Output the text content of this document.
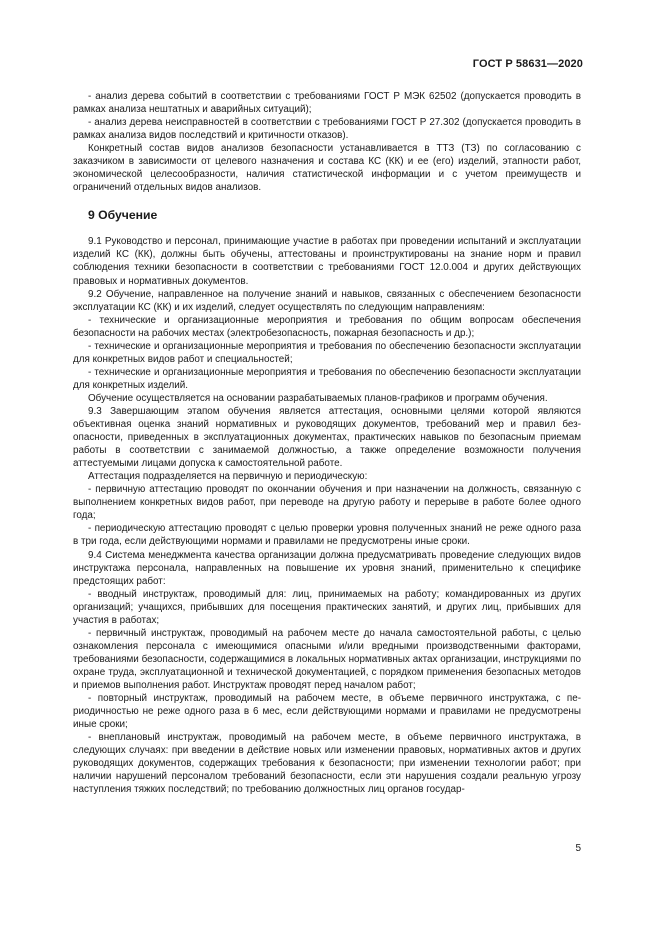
ГОСТ Р 58631—2020

- анализ дерева событий в соответствии с требованиями ГОСТ Р МЭК 62502 (допускается проводить в рамках анализа нештатных и аварийных ситуаций);

- анализ дерева неисправностей в соответствии с требованиями ГОСТ Р 27.302 (допускается проводить в рамках анализа видов последствий и критичности отказов).

Конкретный состав видов анализов безопасности устанавливается в ТТЗ (ТЗ) по согласованию с заказчиком в зависимости от целевого назначения и состава КС (КК) и ее (его) изделий, этапности работ, экономической целесообразности, наличия статистической информации и с учетом преимуществ и ограничений отдельных видов анализов.

9 Обучение

9.1 Руководство и персонал, принимающие участие в работах при проведении испытаний и эксплуатации изделий КС (КК), должны быть обучены, аттестованы и проинструктированы на знание норм и правил соблюдения техники безопасности в соответствии с требованиями ГОСТ 12.0.004 и других действующих правовых и нормативных документов.

9.2 Обучение, направленное на получение знаний и навыков, связанных с обеспечением безопасности эксплуатации КС (КК) и их изделий, следует осуществлять по следующим направлениям:

- технические и организационные мероприятия и требования по общим вопросам обеспечения безопасности на рабочих местах (электробезопасность, пожарная безопасность и др.);

- технические и организационные мероприятия и требования по обеспечению безопасности эксплуатации для конкретных видов работ и специальностей;

- технические и организационные мероприятия и требования по обеспечению безопасности эксплуатации для конкретных изделий.

Обучение осуществляется на основании разрабатываемых планов-графиков и программ обучения.

9.3 Завершающим этапом обучения является аттестация, основными целями которой являются объективная оценка знаний нормативных и руководящих документов, требований мер и правил безопасности, приведенных в эксплуатационных документах, практических навыков по безопасным приемам работы в соответствии с занимаемой должностью, а также определение возможности получения аттестуемыми лицами допуска к самостоятельной работе.

Аттестация подразделяется на первичную и периодическую:

- первичную аттестацию проводят по окончании обучения и при назначении на должность, связанную с выполнением конкретных видов работ, при переводе на другую работу и перерыве в работе более одного года;

- периодическую аттестацию проводят с целью проверки уровня полученных знаний не реже одного раза в три года, если действующими нормами и правилами не предусмотрены иные сроки.

9.4 Система менеджмента качества организации должна предусматривать проведение следующих видов инструктажа персонала, направленных на повышение их уровня знаний, применительно к специфике предстоящих работ:

- вводный инструктаж, проводимый для: лиц, принимаемых на работу; командированных из других организаций; учащихся, прибывших для посещения практических занятий, и других лиц, прибывших для участия в работах;

- первичный инструктаж, проводимый на рабочем месте до начала самостоятельной работы, с целью ознакомления персонала с имеющимися опасными и/или вредными производственными факторами, требованиями безопасности, содержащимися в локальных нормативных актах организации, инструкциями по охране труда, эксплуатационной и технической документацией, с порядком применения безопасных методов и приемов выполнения работ. Инструктаж проводят перед началом работ;

- повторный инструктаж, проводимый на рабочем месте, в объеме первичного инструктажа, с периодичностью не реже одного раза в 6 мес, если действующими нормами и правилами не предусмотрены иные сроки;

- внеплановый инструктаж, проводимый на рабочем месте, в объеме первичного инструктажа, в следующих случаях: при введении в действие новых или изменении правовых, нормативных актов и других руководящих документов, содержащих требования к безопасности; при изменении технологии работ; при наличии нарушений персоналом требований безопасности, если эти нарушения создали реальную угрозу наступления тяжких последствий; по требованию должностных лиц органов государ-

5
